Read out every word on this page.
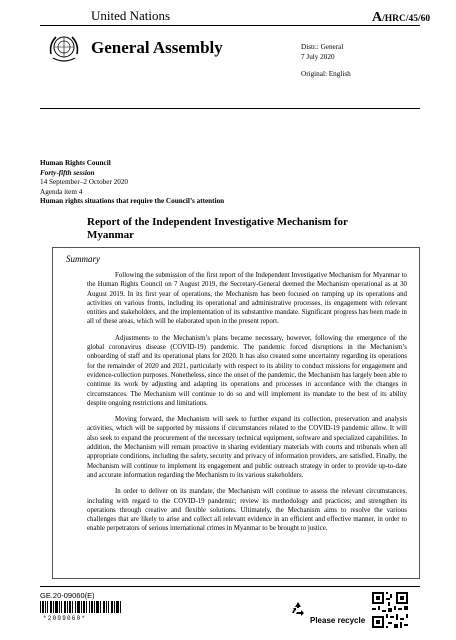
United Nations	A/HRC/45/60
General Assembly	Distr.: General
7 July 2020
Original: English
Human Rights Council
Forty-fifth session
14 September–2 October 2020
Agenda item 4
Human rights situations that require the Council’s attention
Report of the Independent Investigative Mechanism for
Myanmar
Summary

Following the submission of the first report of the Independent Investigative Mechanism for Myanmar to the Human Rights Council on 7 August 2019, the Secretary-General deemed the Mechanism operational as at 30 August 2019. In its first year of operations, the Mechanism has been focused on ramping up its operations and activities on various fronts, including its operational and administrative processes, its engagement with relevant entities and stakeholders, and the implementation of its substantive mandate. Significant progress has been made in all of these areas, which will be elaborated upon in the present report.

Adjustments to the Mechanism’s plans became necessary, however, following the emergence of the global coronavirus disease (COVID-19) pandemic. The pandemic forced disruptions in the Mechanism’s onboarding of staff and its operational plans for 2020. It has also created some uncertainty regarding its operations for the remainder of 2020 and 2021, particularly with respect to its ability to conduct missions for engagement and evidence-collection purposes. Nonetheless, since the onset of the pandemic, the Mechanism has largely been able to continue its work by adjusting and adapting its operations and processes in accordance with the changes in circumstances. The Mechanism will continue to do so and will implement its mandate to the best of its ability despite ongoing restrictions and limitations.

Moving forward, the Mechanism will seek to further expand its collection, preservation and analysis activities, which will be supported by missions if circumstances related to the COVID-19 pandemic allow. It will also seek to expand the procurement of the necessary technical equipment, software and specialized capabilities. In addition, the Mechanism will remain proactive in sharing evidentiary materials with courts and tribunals when all appropriate conditions, including the safety, security and privacy of information providers, are satisfied. Finally, the Mechanism will continue to implement its engagement and public outreach strategy in order to provide up-to-date and accurate information regarding the Mechanism to its various stakeholders.

In order to deliver on its mandate, the Mechanism will continue to assess the relevant circumstances, including with regard to the COVID-19 pandemic; review its methodology and practices; and strengthen its operations through creative and flexible solutions. Ultimately, the Mechanism aims to resolve the various challenges that are likely to arise and collect all relevant evidence in an efficient and effective manner, in order to enable perpetrators of serious international crimes in Myanmar to be brought to justice.

GE.20-09060(E)
*2009060*	Please recycle
